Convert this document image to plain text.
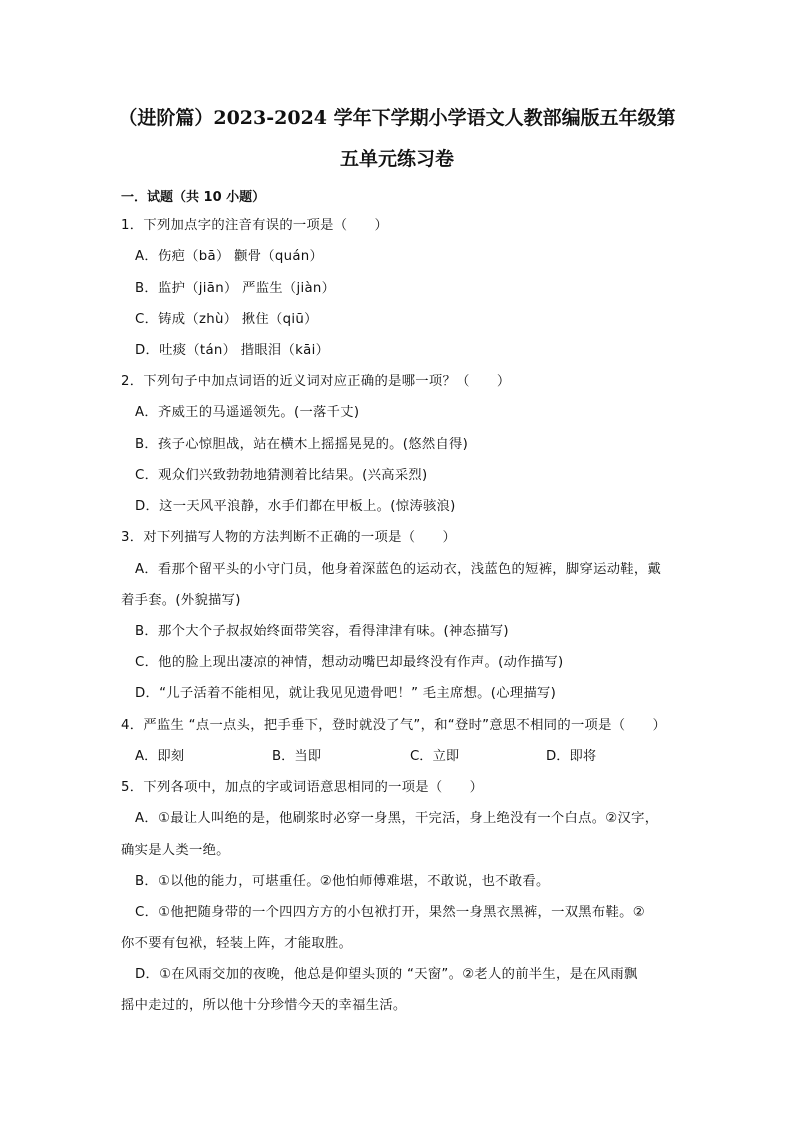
（进阶篇）2023-2024 学年下学期小学语文人教部编版五年级第
五单元练习卷
一．试题（共 10 小题）
1．下列加点字的注音有误的一项是（　　）
A．伤疤（bā） 颧骨（quán）
B．监护（jiān） 严监生（jiàn）
C．铸成（zhù） 揪住（qiū）
D．吐痰（tán） 揩眼泪（kāi）
2．下列句子中加点词语的近义词对应正确的是哪一项？（　　）
A．齐威王的马遥遥领先。(一落千丈)
B．孩子心惊胆战，站在横木上摇摇晃晃的。(悠然自得)
C．观众们兴致勃勃地猜测着比结果。(兴高采烈)
D．这一天风平浪静，水手们都在甲板上。(惊涛骇浪)
3．对下列描写人物的方法判断不正确的一项是（　　）
A．看那个留平头的小守门员，他身着深蓝色的运动衣，浅蓝色的短裤，脚穿运动鞋，戴
着手套。(外貌描写)
B．那个大个子叔叔始终面带笑容，看得津津有味。(神态描写)
C．他的脸上现出凄凉的神情，想动动嘴巴却最终没有作声。(动作描写)
D．“儿子活着不能相见，就让我见见遗骨吧！” 毛主席想。(心理描写)
4．严监生 “点一点头，把手垂下，登时就没了气”，和“登时”意思不相同的一项是（　　）
A．即刻	B．当即	C．立即	D．即将
5．下列各项中，加点的字或词语意思相同的一项是（　　）
A．①最让人叫绝的是，他刷浆时必穿一身黑，干完活，身上绝没有一个白点。②汉字，
确实是人类一绝。
B．①以他的能力，可堪重任。②他怕师傅难堪，不敢说，也不敢看。
C．①他把随身带的一个四四方方的小包袱打开，果然一身黑衣黑裤，一双黑布鞋。②
你不要有包袱，轻装上阵，才能取胜。
D．①在风雨交加的夜晚，他总是仰望头顶的 “天窗”。②老人的前半生，是在风雨飘
摇中走过的，所以他十分珍惜今天的幸福生活。
